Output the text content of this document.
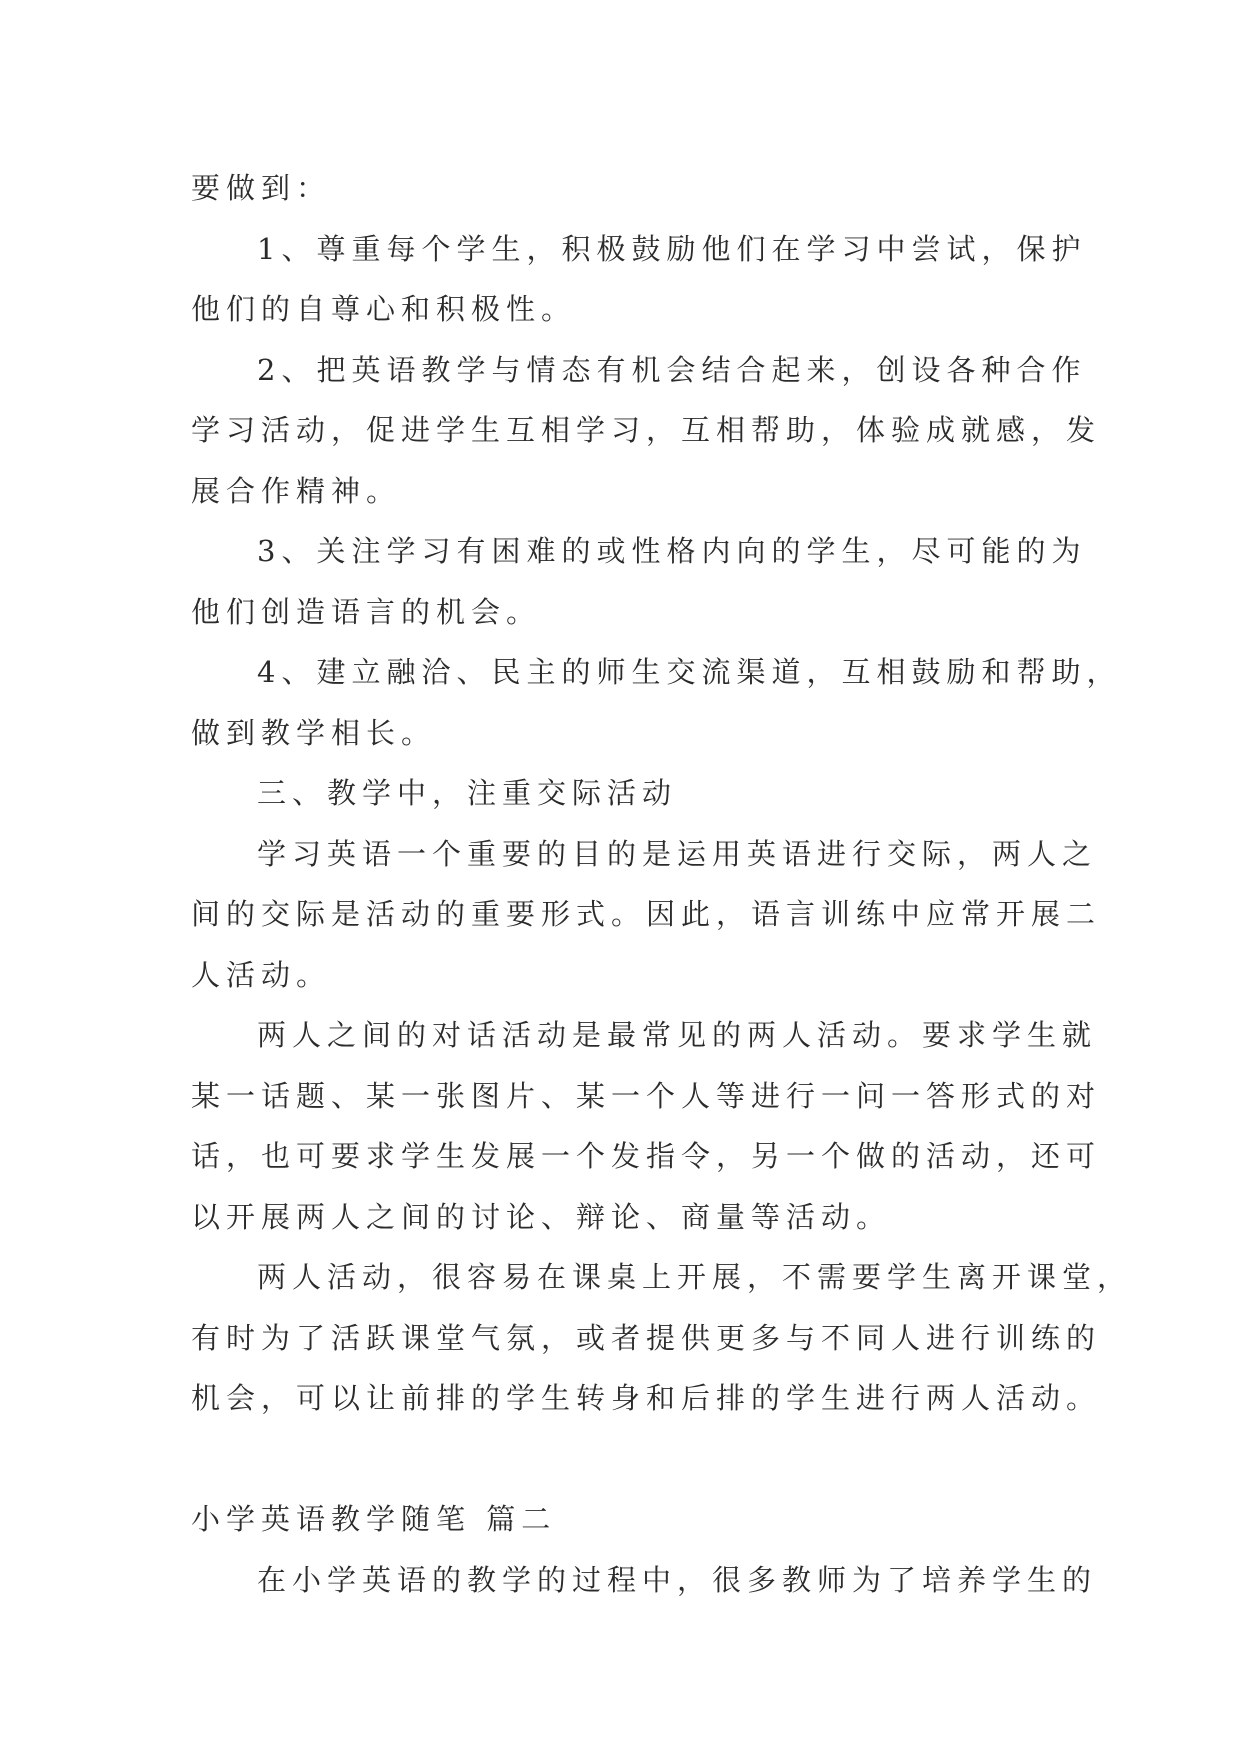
要做到：
1、尊重每个学生，积极鼓励他们在学习中尝试，保护
他们的自尊心和积极性。
2、把英语教学与情态有机会结合起来，创设各种合作
学习活动，促进学生互相学习，互相帮助，体验成就感，发
展合作精神。
3、关注学习有困难的或性格内向的学生，尽可能的为
他们创造语言的机会。
4、建立融洽、民主的师生交流渠道，互相鼓励和帮助，
做到教学相长。
三、教学中，注重交际活动
学习英语一个重要的目的是运用英语进行交际，两人之
间的交际是活动的重要形式。因此，语言训练中应常开展二
人活动。
两人之间的对话活动是最常见的两人活动。要求学生就
某一话题、某一张图片、某一个人等进行一问一答形式的对
话，也可要求学生发展一个发指令，另一个做的活动，还可
以开展两人之间的讨论、辩论、商量等活动。
两人活动，很容易在课桌上开展，不需要学生离开课堂，
有时为了活跃课堂气氛，或者提供更多与不同人进行训练的
机会，可以让前排的学生转身和后排的学生进行两人活动。
小学英语教学随笔 篇二
在小学英语的教学的过程中，很多教师为了培养学生的
